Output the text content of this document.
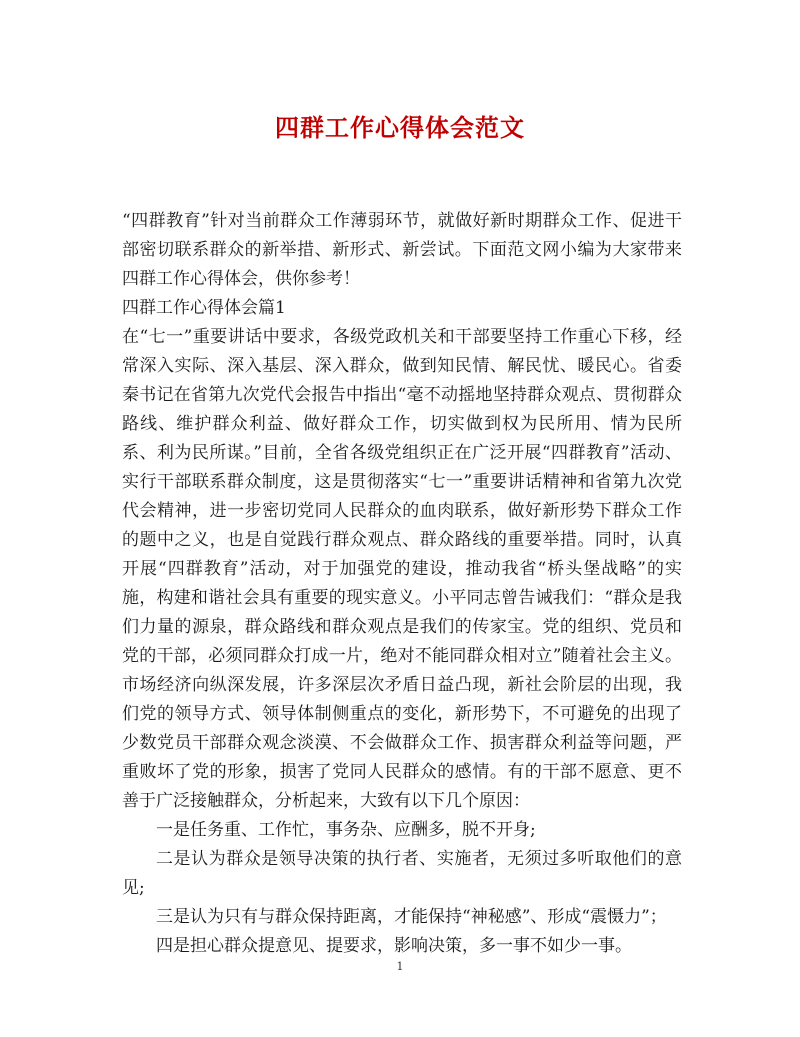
四群工作心得体会范文

“四群教育”针对当前群众工作薄弱环节，就做好新时期群众工作、促进干部密切联系群众的新举措、新形式、新尝试。下面范文网小编为大家带来四群工作心得体会，供你参考！

四群工作心得体会篇1

在“七一”重要讲话中要求，各级党政机关和干部要坚持工作重心下移，经常深入实际、深入基层、深入群众，做到知民情、解民忧、暖民心。省委秦书记在省第九次党代会报告中指出“毫不动摇地坚持群众观点、贯彻群众路线、维护群众利益、做好群众工作，切实做到权为民所用、情为民所系、利为民所谋。”目前，全省各级党组织正在广泛开展“四群教育”活动、实行干部联系群众制度，这是贯彻落实“七一”重要讲话精神和省第九次党代会精神，进一步密切党同人民群众的血肉联系，做好新形势下群众工作的题中之义，也是自觉践行群众观点、群众路线的重要举措。同时，认真开展“四群教育”活动，对于加强党的建设，推动我省“桥头堡战略”的实施，构建和谐社会具有重要的现实意义。小平同志曾告诫我们：“群众是我们力量的源泉，群众路线和群众观点是我们的传家宝。党的组织、党员和党的干部，必须同群众打成一片，绝对不能同群众相对立”随着社会主义。市场经济向纵深发展，许多深层次矛盾日益凸现，新社会阶层的出现，我们党的领导方式、领导体制侧重点的变化，新形势下，不可避免的出现了少数党员干部群众观念淡漠、不会做群众工作、损害群众利益等问题，严重败坏了党的形象，损害了党同人民群众的感情。有的干部不愿意、更不善于广泛接触群众，分析起来，大致有以下几个原因：

一是任务重、工作忙，事务杂、应酬多，脱不开身;

二是认为群众是领导决策的执行者、实施者，无须过多听取他们的意见;

三是认为只有与群众保持距离，才能保持“神秘感”、形成“震慑力”；

四是担心群众提意见、提要求，影响决策，多一事不如少一事。

1
